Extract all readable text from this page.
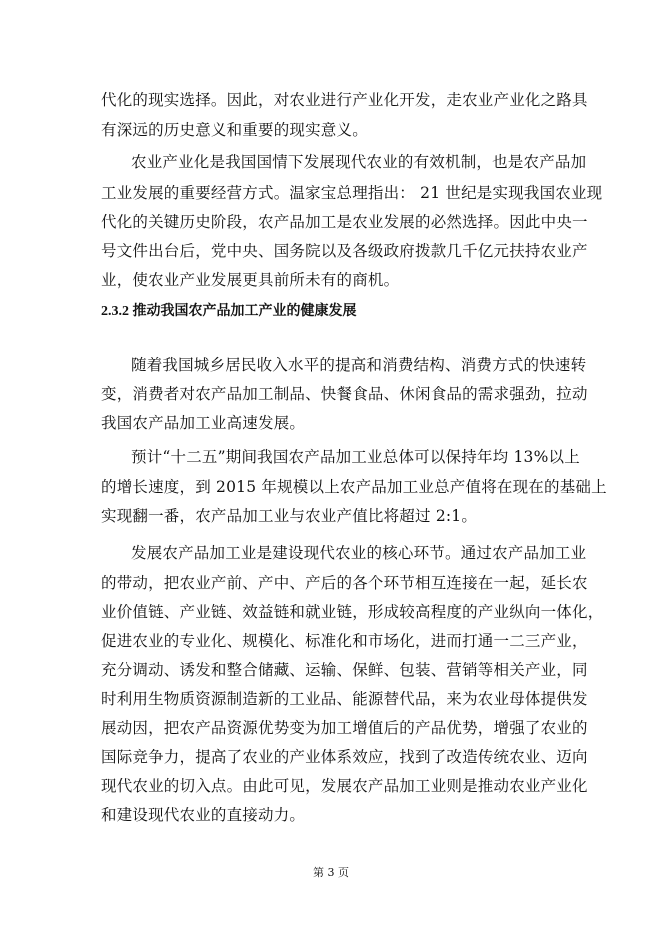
代化的现实选择。因此，对农业进行产业化开发，走农业产业化之路具
有深远的历史意义和重要的现实意义。
农业产业化是我国国情下发展现代农业的有效机制，也是农产品加
工业发展的重要经营方式。温家宝总理指出： 21 世纪是实现我国农业现
代化的关键历史阶段，农产品加工是农业发展的必然选择。因此中央一
号文件出台后，党中央、国务院以及各级政府拨款几千亿元扶持农业产
业，使农业产业发展更具前所未有的商机。
2.3.2 推动我国农产品加工产业的健康发展
随着我国城乡居民收入水平的提高和消费结构、消费方式的快速转
变，消费者对农产品加工制品、快餐食品、休闲食品的需求强劲，拉动
我国农产品加工业高速发展。
预计“十二五”期间我国农产品加工业总体可以保持年均 13%以上
的增长速度，到 2015 年规模以上农产品加工业总产值将在现在的基础上
实现翻一番，农产品加工业与农业产值比将超过 2:1。
发展农产品加工业是建设现代农业的核心环节。通过农产品加工业
的带动，把农业产前、产中、产后的各个环节相互连接在一起，延长农
业价值链、产业链、效益链和就业链，形成较高程度的产业纵向一体化，
促进农业的专业化、规模化、标准化和市场化，进而打通一二三产业，
充分调动、诱发和整合储藏、运输、保鲜、包装、营销等相关产业，同
时利用生物质资源制造新的工业品、能源替代品，来为农业母体提供发
展动因，把农产品资源优势变为加工增值后的产品优势，增强了农业的
国际竞争力，提高了农业的产业体系效应，找到了改造传统农业、迈向
现代农业的切入点。由此可见，发展农产品加工业则是推动农业产业化
和建设现代农业的直接动力。
第 3 页
